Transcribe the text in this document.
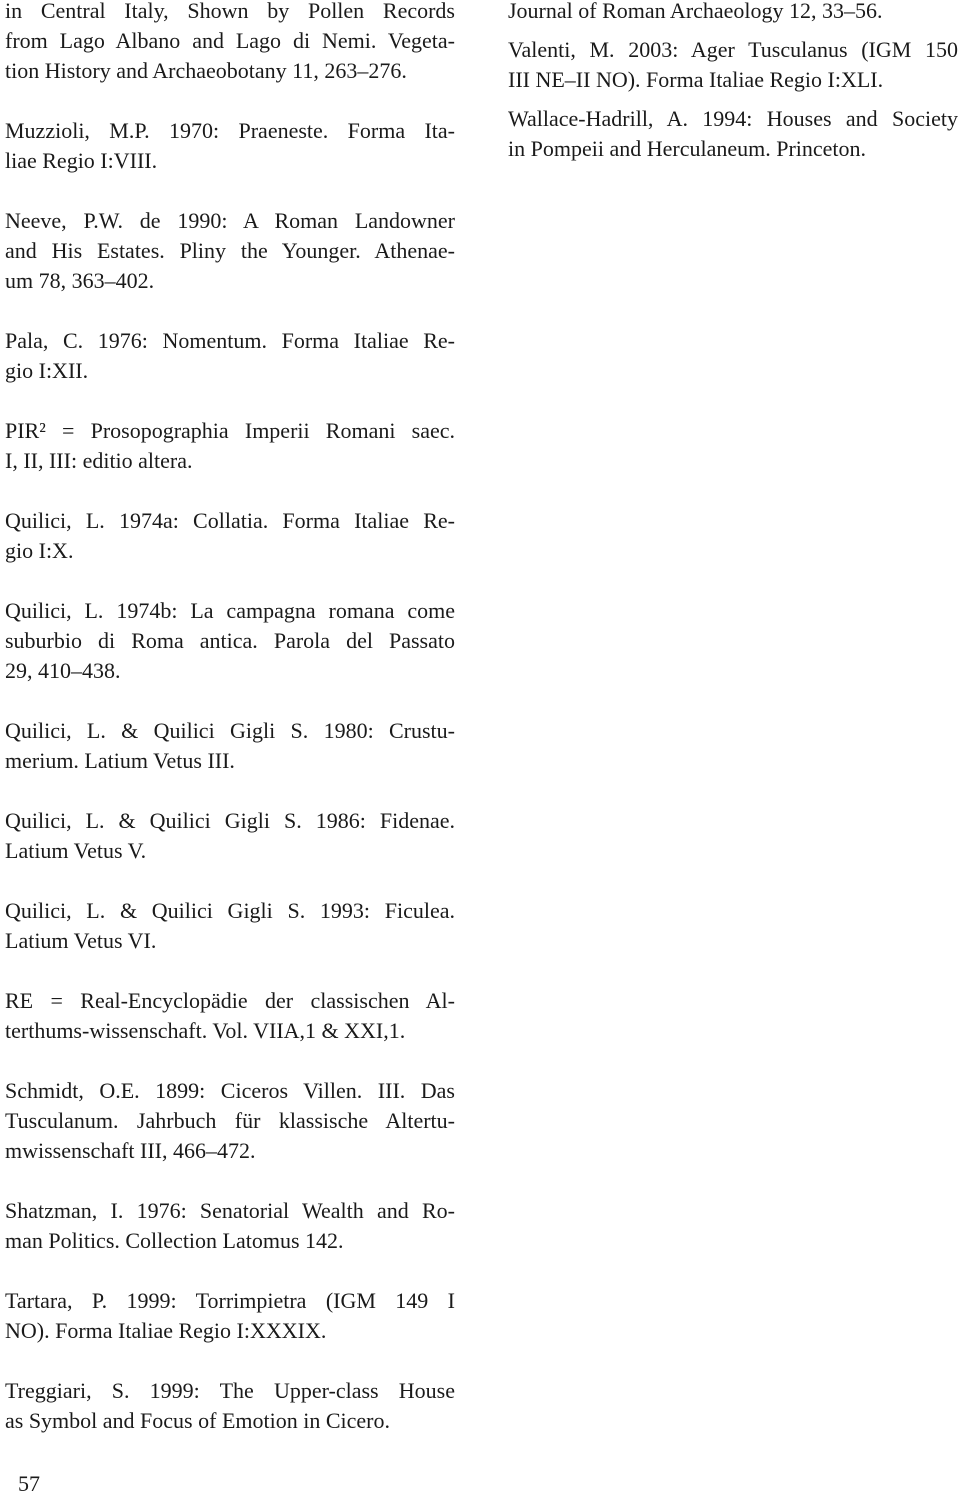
in Central Italy, Shown by Pollen Records
from Lago Albano and Lago di Nemi. Vegeta-
tion History and Archaeobotany 11, 263–276.
Muzzioli, M.P. 1970: Praeneste. Forma Ita-
liae Regio I:VIII.
Neeve, P.W. de 1990: A Roman Landowner
and His Estates. Pliny the Younger. Athenae-
um 78, 363–402.
Pala, C. 1976: Nomentum. Forma Italiae Re-
gio I:XII.
PIR² = Prosopographia Imperii Romani saec.
I, II, III: editio altera.
Quilici, L. 1974a: Collatia. Forma Italiae Re-
gio I:X.
Quilici, L. 1974b: La campagna romana come
suburbio di Roma antica. Parola del Passato
29, 410–438.
Quilici, L. & Quilici Gigli S. 1980: Crustu-
merium. Latium Vetus III.
Quilici, L. & Quilici Gigli S. 1986: Fidenae.
Latium Vetus V.
Quilici, L. & Quilici Gigli S. 1993: Ficulea.
Latium Vetus VI.
RE = Real-Encyclopädie der classischen Al-
terthums-wissenschaft. Vol. VIIA,1 & XXI,1.
Schmidt, O.E. 1899: Ciceros Villen. III. Das
Tusculanum. Jahrbuch für klassische Altertu-
mwissenschaft III, 466–472.
Shatzman, I. 1976: Senatorial Wealth and Ro-
man Politics. Collection Latomus 142.
Tartara, P. 1999: Torrimpietra (IGM 149 I
NO). Forma Italiae Regio I:XXXIX.
Treggiari, S. 1999: The Upper-class House
as Symbol and Focus of Emotion in Cicero.
Journal of Roman Archaeology 12, 33–56.
Valenti, M. 2003: Ager Tusculanus (IGM 150
III NE–II NO). Forma Italiae Regio I:XLI.
Wallace-Hadrill, A. 1994: Houses and Society
in Pompeii and Herculaneum. Princeton.
57
